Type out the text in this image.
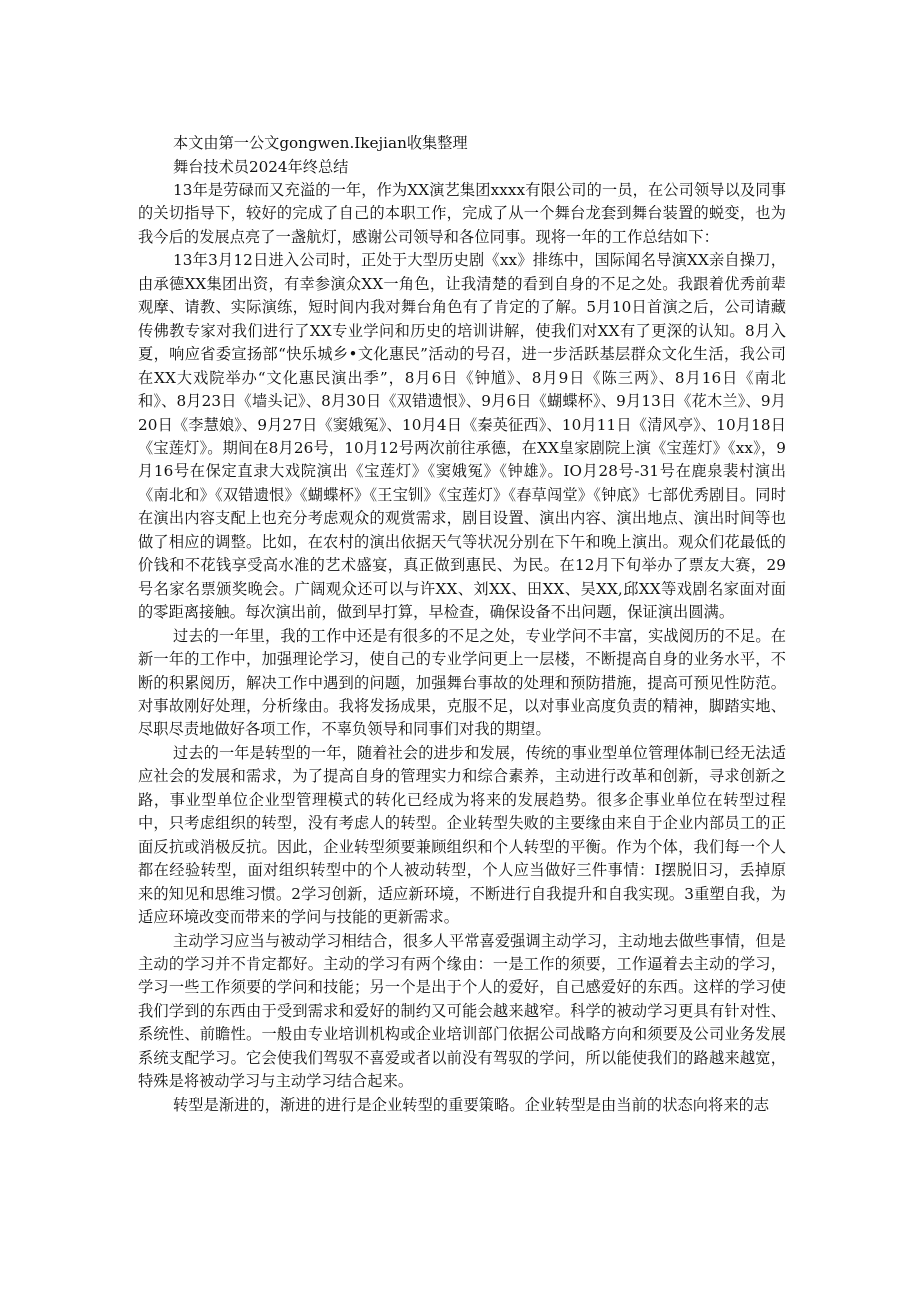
本文由第一公文gongwen.Ikejian收集整理

舞台技术员2024年终总结

13年是劳碌而又充溢的一年，作为XX演艺集团xxxx有限公司的一员，在公司领导以及同事的关切指导下，较好的完成了自己的本职工作，完成了从一个舞台龙套到舞台装置的蜕变，也为我今后的发展点亮了一盏航灯，感谢公司领导和各位同事。现将一年的工作总结如下：

13年3月12日进入公司时，正处于大型历史剧《xx》排练中，国际闻名导演XX亲自操刀，由承德XX集团出资，有幸参演众XX一角色，让我清楚的看到自身的不足之处。我跟着优秀前辈观摩、请教、实际演练，短时间内我对舞台角色有了肯定的了解。5月10日首演之后，公司请藏传佛教专家对我们进行了XX专业学问和历史的培训讲解，使我们对XX有了更深的认知。8月入夏，响应省委宣扬部“快乐城乡•文化惠民”活动的号召，进一步活跃基层群众文化生活，我公司在XX大戏院举办“文化惠民演出季”，8月6日《钟馗》、8月9日《陈三两》、8月16日《南北和》、8月23日《墙头记》、8月30日《双错遗恨》、9月6日《蝴蝶杯》、9月13日《花木兰》、9月20日《李慧娘》、9月27日《窦娥冤》、10月4日《秦英征西》、10月11日《清风亭》、10月18日《宝莲灯》。期间在8月26号，10月12号两次前往承德，在XX皇家剧院上演《宝莲灯》《xx》，9月16号在保定直隶大戏院演出《宝莲灯》《窦娥冤》《钟雄》。IO月28号-31号在鹿泉裴村演出《南北和》《双错遗恨》《蝴蝶杯》《王宝钏》《宝莲灯》《春草闯堂》《钟底》七部优秀剧目。同时在演出内容支配上也充分考虑观众的观赏需求，剧目设置、演出内容、演出地点、演出时间等也做了相应的调整。比如，在农村的演出依据天气等状况分别在下午和晚上演出。观众们花最低的价钱和不花钱享受高水准的艺术盛宴，真正做到惠民、为民。在12月下旬举办了票友大赛，29号名家名票颁奖晚会。广阔观众还可以与许XX、刘XX、田XX、吴XX,邱XX等戏剧名家面对面的零距离接触。每次演出前，做到早打算，早检查，确保设备不出问题，保证演出圆满。

过去的一年里，我的工作中还是有很多的不足之处，专业学问不丰富，实战阅历的不足。在新一年的工作中，加强理论学习，使自己的专业学问更上一层楼，不断提高自身的业务水平，不断的积累阅历，解决工作中遇到的问题，加强舞台事故的处理和预防措施，提高可预见性防范。对事故刚好处理，分析缘由。我将发扬成果，克服不足，以对事业高度负责的精神，脚踏实地、尽职尽责地做好各项工作，不辜负领导和同事们对我的期望。

过去的一年是转型的一年，随着社会的进步和发展，传统的事业型单位管理体制已经无法适应社会的发展和需求，为了提高自身的管理实力和综合素养，主动进行改革和创新，寻求创新之路，事业型单位企业型管理模式的转化已经成为将来的发展趋势。很多企事业单位在转型过程中，只考虑组织的转型，没有考虑人的转型。企业转型失败的主要缘由来自于企业内部员工的正面反抗或消极反抗。因此，企业转型须要兼顾组织和个人转型的平衡。作为个体，我们每一个人都在经验转型，面对组织转型中的个人被动转型，个人应当做好三件事情：I摆脱旧习，丢掉原来的知见和思维习惯。2学习创新，适应新环境，不断进行自我提升和自我实现。3重塑自我，为适应环境改变而带来的学问与技能的更新需求。

主动学习应当与被动学习相结合，很多人平常喜爱强调主动学习，主动地去做些事情，但是主动的学习并不肯定都好。主动的学习有两个缘由：一是工作的须要，工作逼着去主动的学习，学习一些工作须要的学问和技能；另一个是出于个人的爱好，自己感爱好的东西。这样的学习使我们学到的东西由于受到需求和爱好的制约又可能会越来越窄。科学的被动学习更具有针对性、系统性、前瞻性。一般由专业培训机构或企业培训部门依据公司战略方向和须要及公司业务发展系统支配学习。它会使我们驾驭不喜爱或者以前没有驾驭的学问，所以能使我们的路越来越宽，特殊是将被动学习与主动学习结合起来。

转型是渐进的，渐进的进行是企业转型的重要策略。企业转型是由当前的状态向将来的志
